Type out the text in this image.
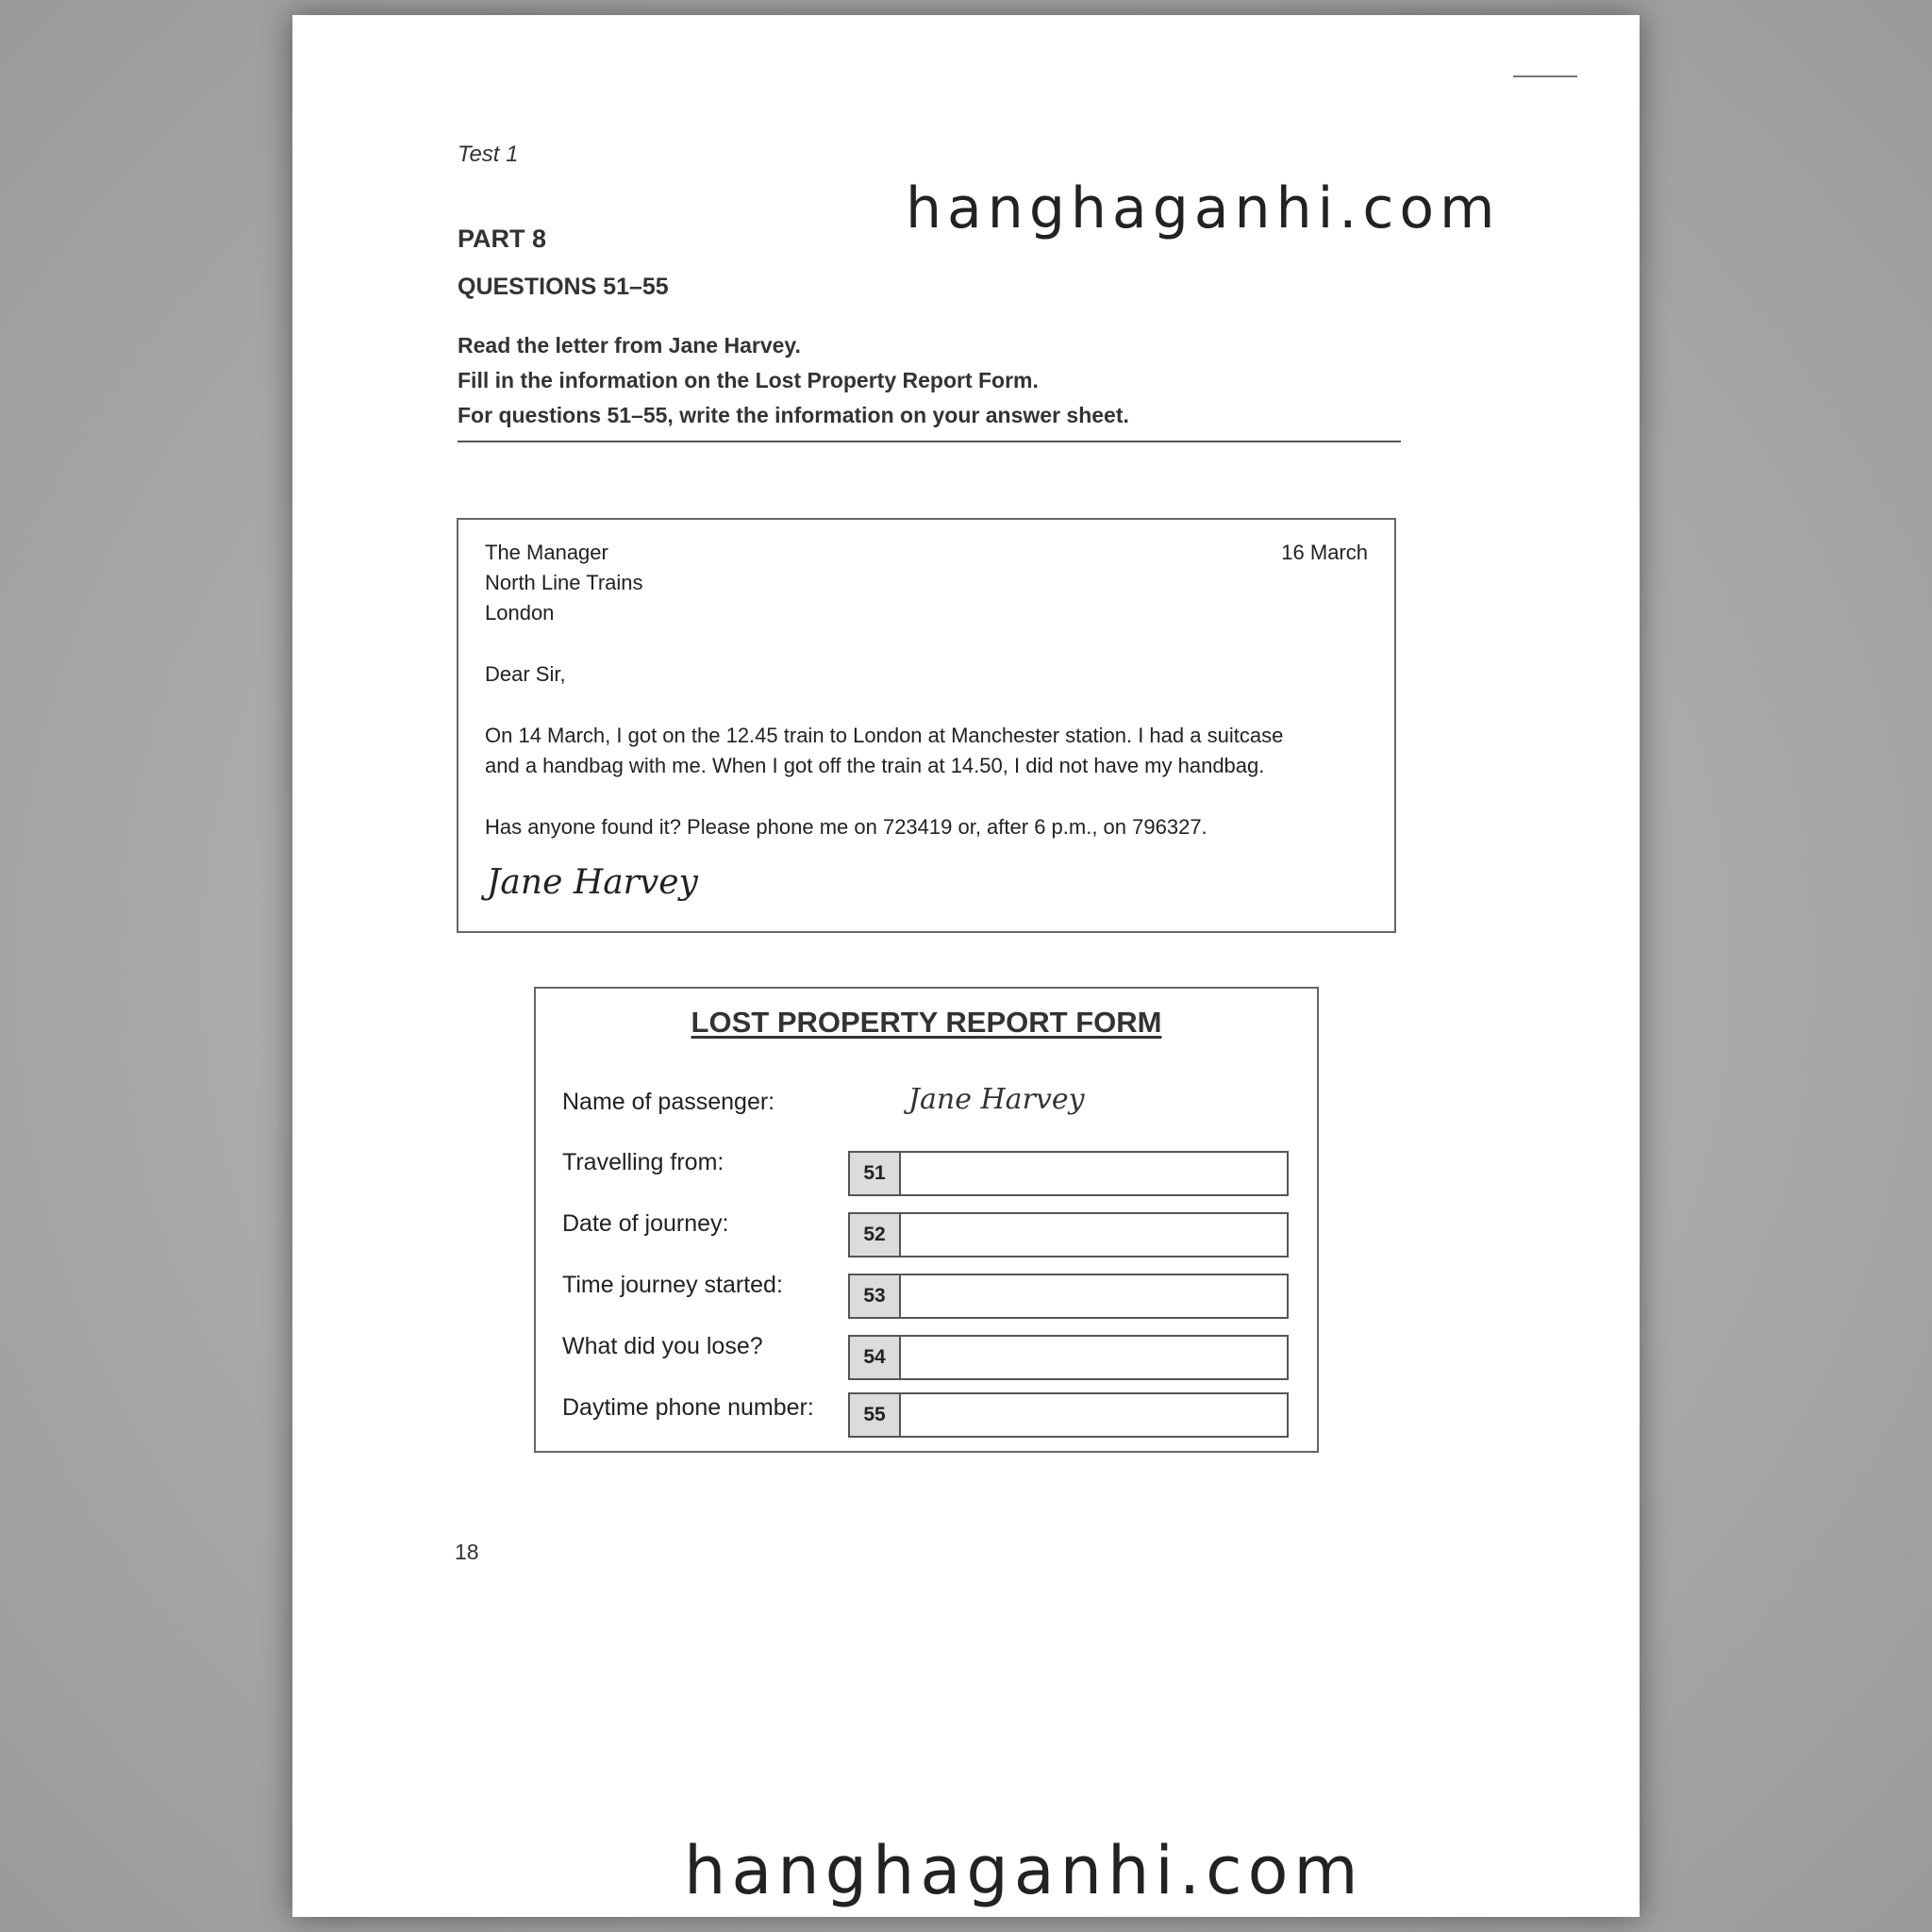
Test 1
hanghaganhi.com
PART 8
QUESTIONS 51–55
Read the letter from Jane Harvey.
Fill in the information on the Lost Property Report Form.
For questions 51–55, write the information on your answer sheet.
The Manager
North Line Trains
London
16 March
Dear Sir,
On 14 March, I got on the 12.45 train to London at Manchester station. I had a suitcase
and a handbag with me. When I got off the train at 14.50, I did not have my handbag.
Has anyone found it? Please phone me on 723419 or, after 6 p.m., on 796327.
Jane Harvey
LOST PROPERTY REPORT FORM
Name of passenger:	Jane Harvey
Travelling from:	51
Date of journey:	52
Time journey started:	53
What did you lose?	54
Daytime phone number:	55
18
hanghaganhi.com
